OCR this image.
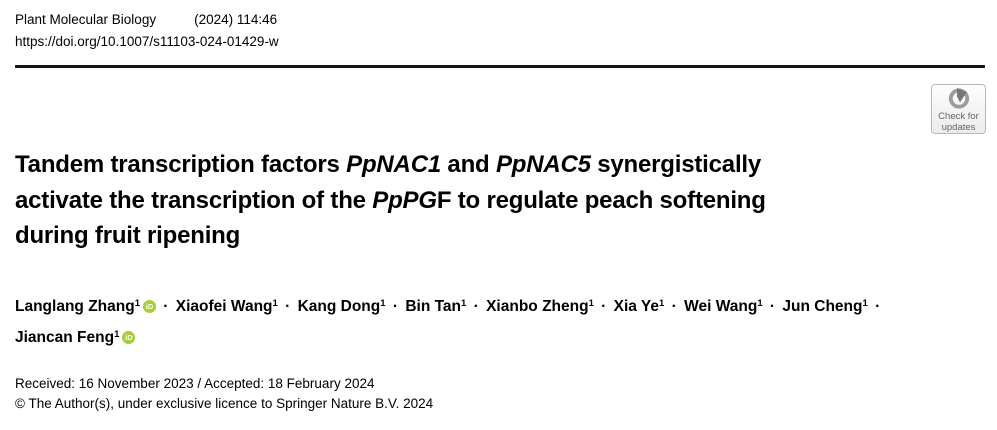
Plant Molecular Biology	(2024) 114:46
https://doi.org/10.1007/s11103-024-01429-w
Check for
updates
Tandem transcription factors PpNAC1 and PpNAC5 synergistically
activate the transcription of the PpPGF to regulate peach softening
during fruit ripening
Langlang Zhang$^1$ iD · Xiaofei Wang$^1$ · Kang Dong$^1$ · Bin Tan$^1$ · Xianbo Zheng$^1$ · Xia $Ye^1$ · Wei Wang$^1$ · Jun Cheng$^1$ ·
Jiancan Feng$^1$ iD
Received: 16 November 2023 / Accepted: 18 February 2024
© The Author(s), under exclusive licence to Springer Nature B.V. 2024
